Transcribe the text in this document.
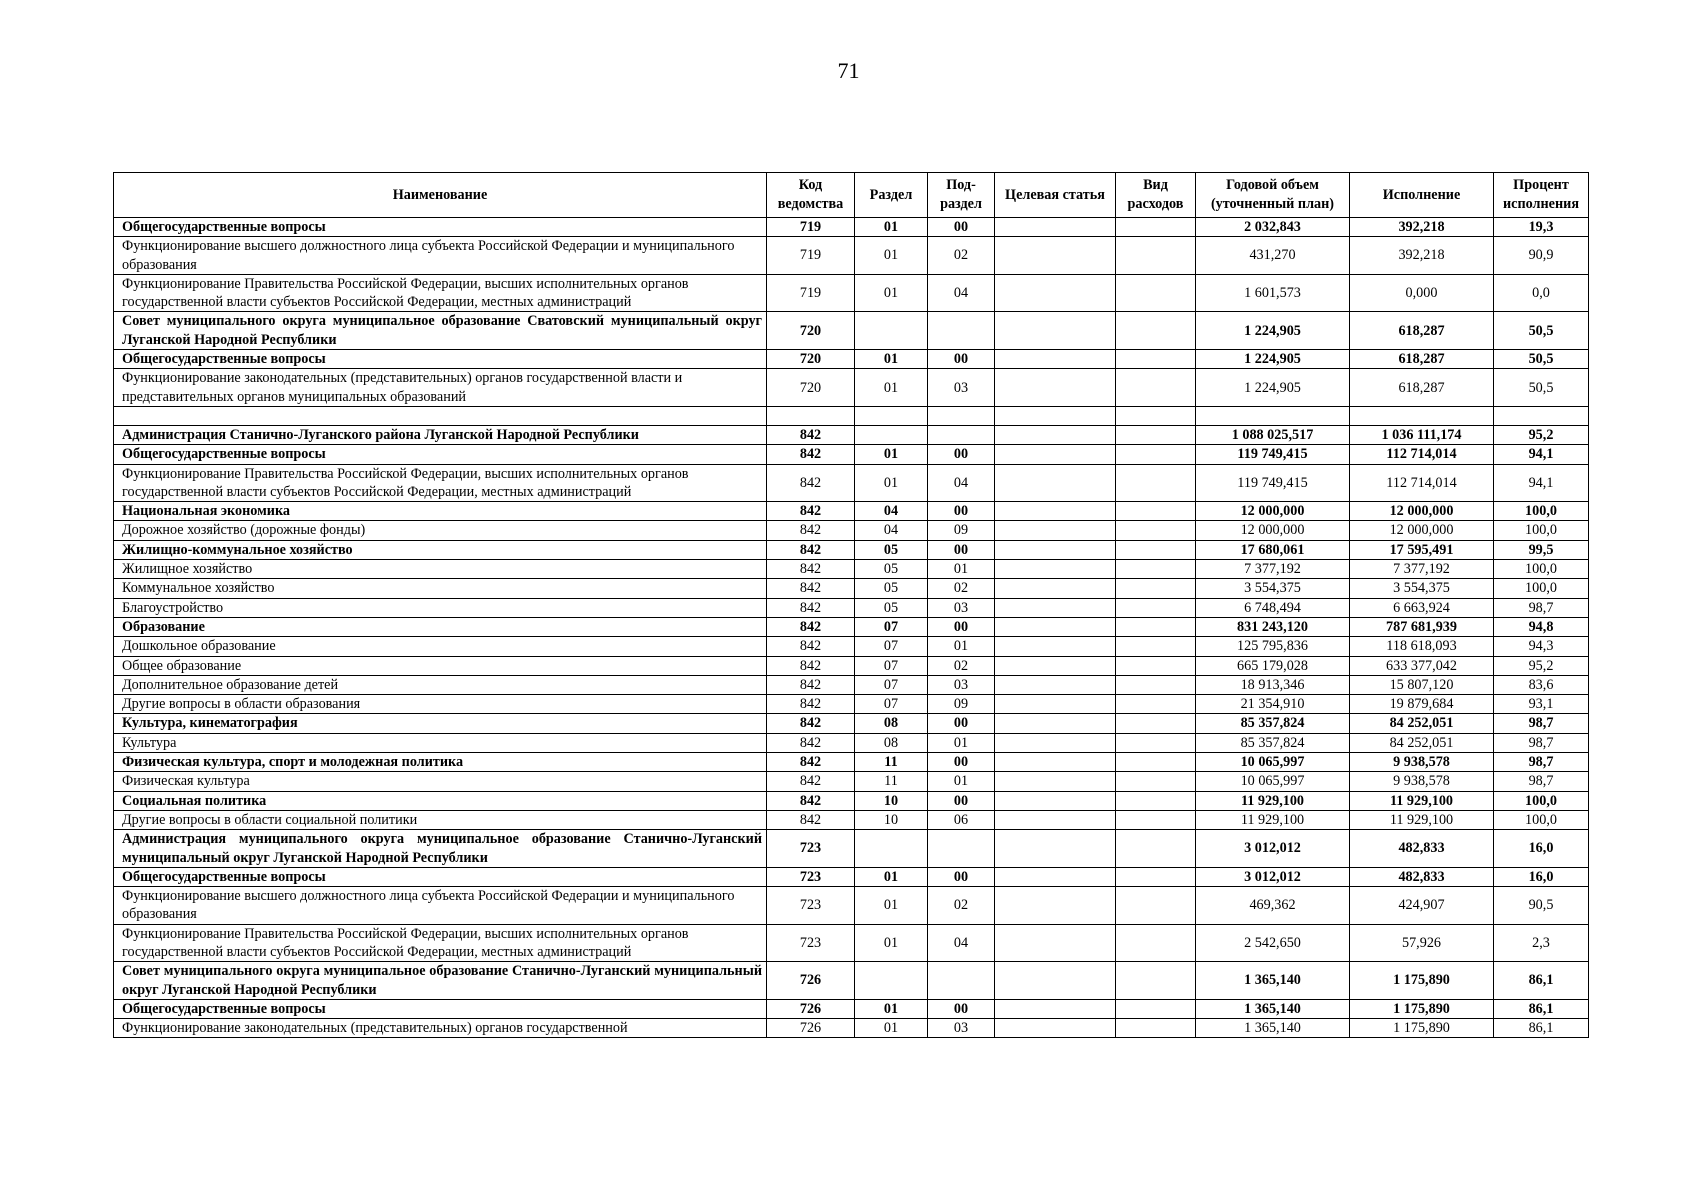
71
Наименование	Код ведомства	Раздел	Под-раздел	Целевая статья	Вид расходов	Годовой объем (уточненный план)	Исполнение	Процент исполнения
Общегосударственные вопросы	719	01	00			2 032,843	392,218	19,3
Функционирование высшего должностного лица субъекта Российской Федерации и муниципального образования	719	01	02			431,270	392,218	90,9
Функционирование Правительства Российской Федерации, высших исполнительных органов государственной власти субъектов Российской Федерации, местных администраций	719	01	04			1 601,573	0,000	0,0
Совет муниципального округа муниципальное образование Сватовский муниципальный округ Луганской Народной Республики	720					1 224,905	618,287	50,5
Общегосударственные вопросы	720	01	00			1 224,905	618,287	50,5
Функционирование законодательных (представительных) органов государственной власти и представительных органов муниципальных образований	720	01	03			1 224,905	618,287	50,5

Администрация Станично-Луганского района Луганской Народной Республики	842					1 088 025,517	1 036 111,174	95,2
Общегосударственные вопросы	842	01	00			119 749,415	112 714,014	94,1
Функционирование Правительства Российской Федерации, высших исполнительных органов государственной власти субъектов Российской Федерации, местных администраций	842	01	04			119 749,415	112 714,014	94,1
Национальная экономика	842	04	00			12 000,000	12 000,000	100,0
Дорожное хозяйство (дорожные фонды)	842	04	09			12 000,000	12 000,000	100,0
Жилищно-коммунальное хозяйство	842	05	00			17 680,061	17 595,491	99,5
Жилищное хозяйство	842	05	01			7 377,192	7 377,192	100,0
Коммунальное хозяйство	842	05	02			3 554,375	3 554,375	100,0
Благоустройство	842	05	03			6 748,494	6 663,924	98,7
Образование	842	07	00			831 243,120	787 681,939	94,8
Дошкольное образование	842	07	01			125 795,836	118 618,093	94,3
Общее образование	842	07	02			665 179,028	633 377,042	95,2
Дополнительное образование детей	842	07	03			18 913,346	15 807,120	83,6
Другие вопросы в области образования	842	07	09			21 354,910	19 879,684	93,1
Культура, кинематография	842	08	00			85 357,824	84 252,051	98,7
Культура	842	08	01			85 357,824	84 252,051	98,7
Физическая культура, спорт и молодежная политика	842	11	00			10 065,997	9 938,578	98,7
Физическая культура	842	11	01			10 065,997	9 938,578	98,7
Социальная политика	842	10	00			11 929,100	11 929,100	100,0
Другие вопросы в области социальной политики	842	10	06			11 929,100	11 929,100	100,0
Администрация муниципального округа муниципальное образование Станично-Луганский муниципальный округ Луганской Народной Республики	723					3 012,012	482,833	16,0
Общегосударственные вопросы	723	01	00			3 012,012	482,833	16,0
Функционирование высшего должностного лица субъекта Российской Федерации и муниципального образования	723	01	02			469,362	424,907	90,5
Функционирование Правительства Российской Федерации, высших исполнительных органов государственной власти субъектов Российской Федерации, местных администраций	723	01	04			2 542,650	57,926	2,3
Совет муниципального округа муниципальное образование Станично-Луганский муниципальный округ Луганской Народной Республики	726					1 365,140	1 175,890	86,1
Общегосударственные вопросы	726	01	00			1 365,140	1 175,890	86,1
Функционирование законодательных (представительных) органов государственной	726	01	03			1 365,140	1 175,890	86,1
